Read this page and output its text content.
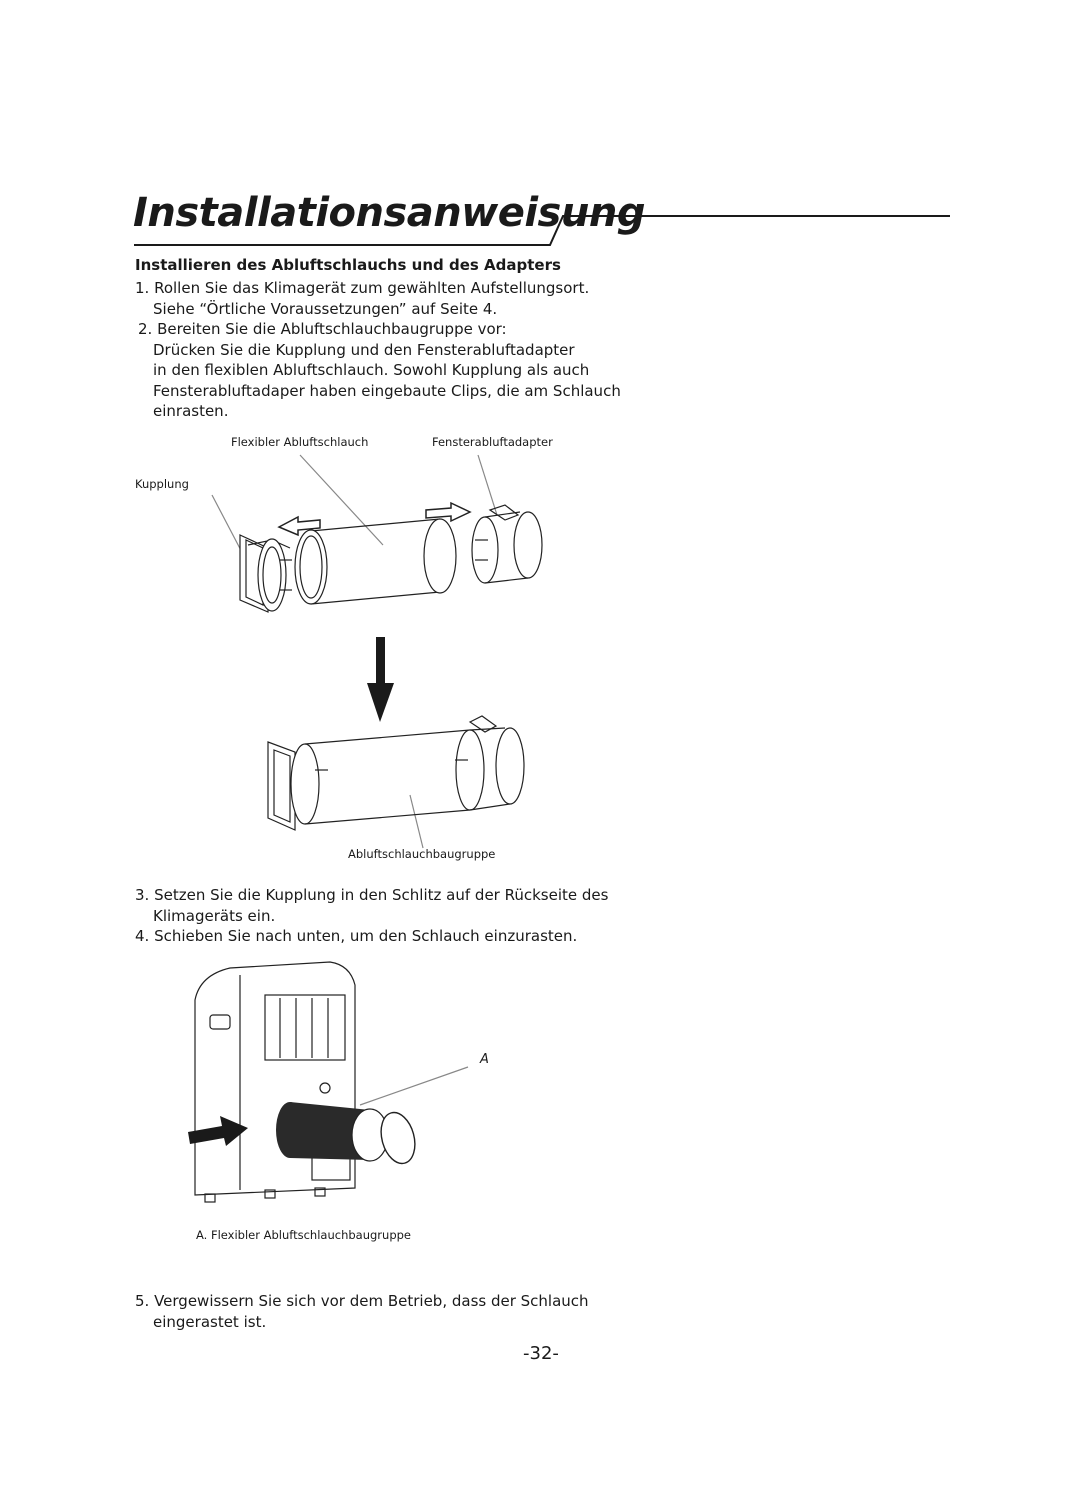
Installationsanweisung
Installieren des Abluftschlauchs und des Adapters
1. Rollen Sie das Klimagerät zum gewählten Aufstellungsort.
Siehe “Örtliche Voraussetzungen” auf Seite 4.
2. Bereiten Sie die Abluftschlauchbaugruppe vor:
Drücken Sie die Kupplung und den Fensterabluftadapter
in den flexiblen Abluftschlauch. Sowohl Kupplung als auch
Fensterabluftadaper haben eingebaute Clips, die am Schlauch
einrasten.
Flexibler Abluftschlauch	Fensterabluftadapter
Kupplung
Abluftschlauchbaugruppe
3. Setzen Sie die Kupplung in den Schlitz auf der Rückseite des
Klimageräts ein.
4. Schieben Sie nach unten, um den Schlauch einzurasten.
A
A. Flexibler Abluftschlauchbaugruppe
5. Vergewissern Sie sich vor dem Betrieb, dass der Schlauch
eingerastet ist.
-32-
